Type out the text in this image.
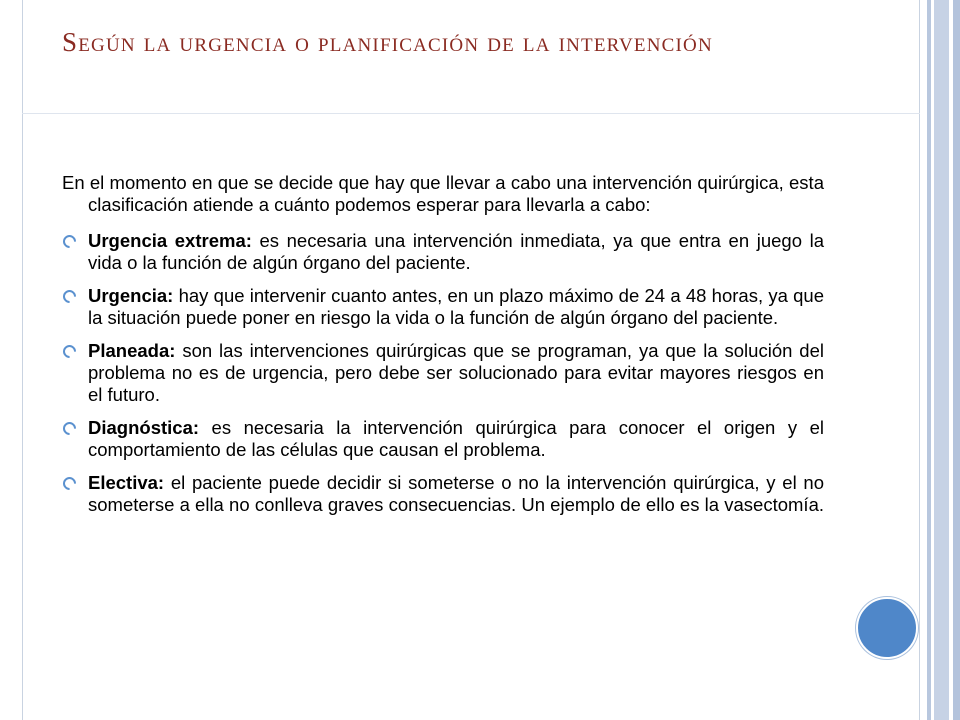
Según la urgencia o planificación de la intervención

En el momento en que se decide que hay que llevar a cabo una intervención quirúrgica, esta clasificación atiende a cuánto podemos esperar para llevarla a cabo:

Urgencia extrema: es necesaria una intervención inmediata, ya que entra en juego la vida o la función de algún órgano del paciente.
Urgencia: hay que intervenir cuanto antes, en un plazo máximo de 24 a 48 horas, ya que la situación puede poner en riesgo la vida o la función de algún órgano del paciente.
Planeada: son las intervenciones quirúrgicas que se programan, ya que la solución del problema no es de urgencia, pero debe ser solucionado para evitar mayores riesgos en el futuro.
Diagnóstica: es necesaria la intervención quirúrgica para conocer el origen y el comportamiento de las células que causan el problema.
Electiva: el paciente puede decidir si someterse o no la intervención quirúrgica, y el no someterse a ella no conlleva graves consecuencias. Un ejemplo de ello es la vasectomía.
